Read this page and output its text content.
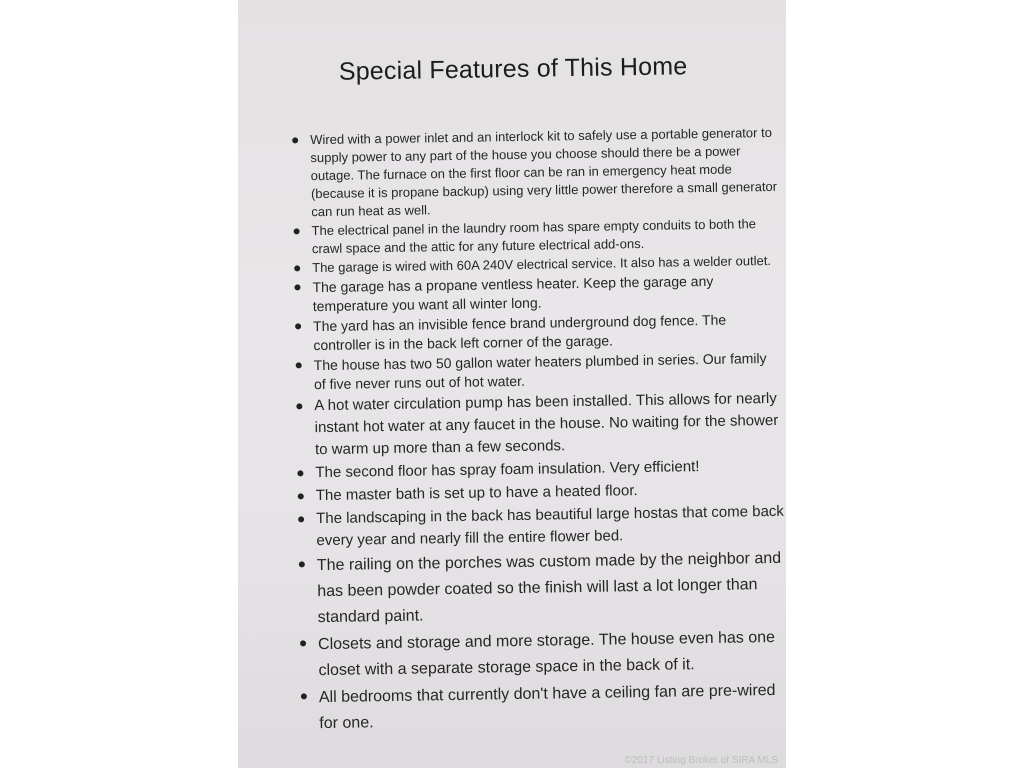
Special Features of This Home
Wired with a power inlet and an interlock kit to safely use a portable generator to supply power to any part of the house you choose should there be a power outage. The furnace on the first floor can be ran in emergency heat mode (because it is propane backup) using very little power therefore a small generator can run heat as well.
The electrical panel in the laundry room has spare empty conduits to both the crawl space and the attic for any future electrical add-ons.
The garage is wired with 60A 240V electrical service. It also has a welder outlet.
The garage has a propane ventless heater. Keep the garage any temperature you want all winter long.
The yard has an invisible fence brand underground dog fence. The controller is in the back left corner of the garage.
The house has two 50 gallon water heaters plumbed in series. Our family of five never runs out of hot water.
A hot water circulation pump has been installed. This allows for nearly instant hot water at any faucet in the house. No waiting for the shower to warm up more than a few seconds.
The second floor has spray foam insulation. Very efficient!
The master bath is set up to have a heated floor.
The landscaping in the back has beautiful large hostas that come back every year and nearly fill the entire flower bed.
The railing on the porches was custom made by the neighbor and has been powder coated so the finish will last a lot longer than standard paint.
Closets and storage and more storage. The house even has one closet with a separate storage space in the back of it.
All bedrooms that currently don't have a ceiling fan are pre-wired for one.
©2017 Listing Broker of SIRA MLS
